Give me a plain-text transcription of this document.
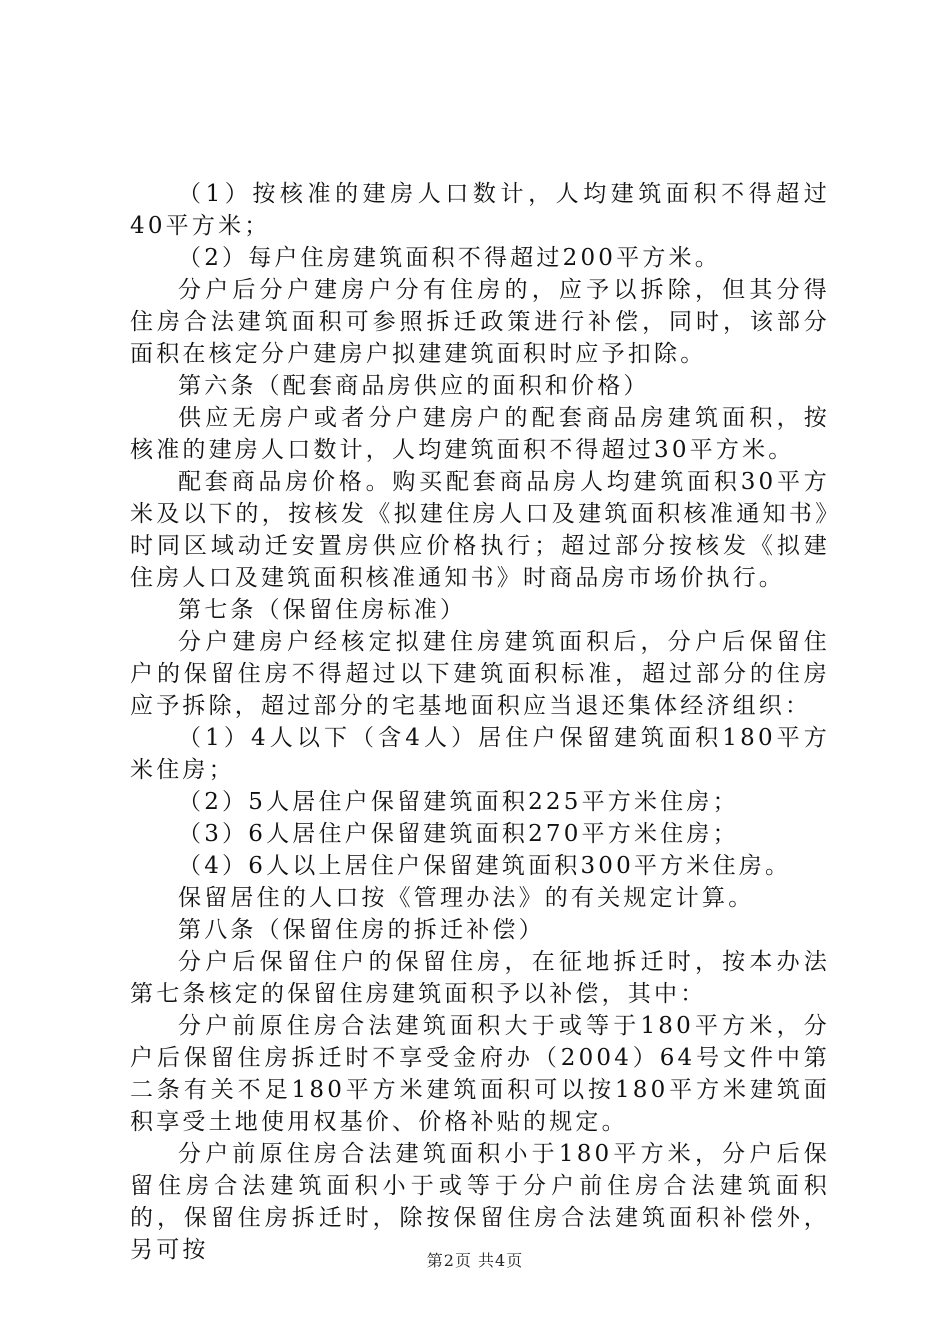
（1）按核准的建房人口数计，人均建筑面积不得超过40平方米；

（2）每户住房建筑面积不得超过200平方米。

分户后分户建房户分有住房的，应予以拆除，但其分得住房合法建筑面积可参照拆迁政策进行补偿，同时，该部分面积在核定分户建房户拟建建筑面积时应予扣除。

第六条（配套商品房供应的面积和价格）

供应无房户或者分户建房户的配套商品房建筑面积，按核准的建房人口数计，人均建筑面积不得超过30平方米。

配套商品房价格。购买配套商品房人均建筑面积30平方米及以下的，按核发《拟建住房人口及建筑面积核准通知书》时同区域动迁安置房供应价格执行；超过部分按核发《拟建住房人口及建筑面积核准通知书》时商品房市场价执行。

第七条（保留住房标准）

分户建房户经核定拟建住房建筑面积后，分户后保留住户的保留住房不得超过以下建筑面积标准，超过部分的住房应予拆除，超过部分的宅基地面积应当退还集体经济组织：

（1）4人以下（含4人）居住户保留建筑面积180平方米住房；

（2）5人居住户保留建筑面积225平方米住房；

（3）6人居住户保留建筑面积270平方米住房；

（4）6人以上居住户保留建筑面积300平方米住房。

保留居住的人口按《管理办法》的有关规定计算。

第八条（保留住房的拆迁补偿）

分户后保留住户的保留住房，在征地拆迁时，按本办法第七条核定的保留住房建筑面积予以补偿，其中：

分户前原住房合法建筑面积大于或等于180平方米，分户后保留住房拆迁时不享受金府办（2004）64号文件中第二条有关不足180平方米建筑面积可以按180平方米建筑面积享受土地使用权基价、价格补贴的规定。

分户前原住房合法建筑面积小于180平方米，分户后保留住房合法建筑面积小于或等于分户前住房合法建筑面积的，保留住房拆迁时，除按保留住房合法建筑面积补偿外，另可按	第2页 共4页
